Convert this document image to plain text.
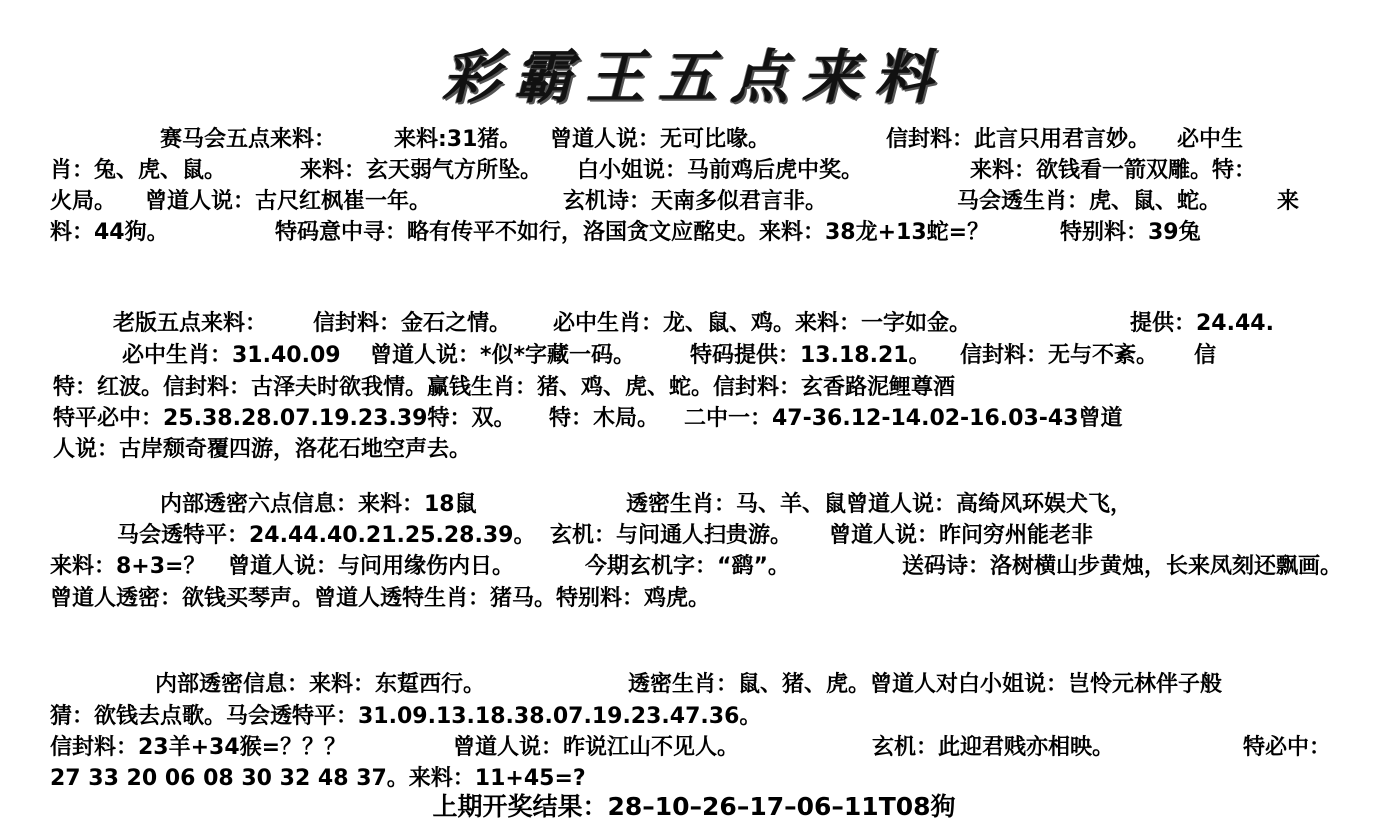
彩霸王五点来料
赛马会五点来料：	来料:31猪。 曾道人说：无可比喙。	信封料：此言只用君言妙。 必中生
肖：兔、虎、鼠。	来料：玄天弱气方所坠。 白小姐说：马前鸡后虎中奖。	来料：欲钱看一箭双雕。特：
火局。 曾道人说：古尺红枫崔一年。	玄机诗：天南多似君言非。	马会透生肖：虎、鼠、蛇。	来
料：44狗。	特码意中寻：略有传平不如行，洛国贪文应酩史。来料：38龙+13蛇=？	特别料：39兔
老版五点来料： 信封料：金石之情。 必中生肖：龙、鼠、鸡。来料：一字如金。	提供：24.44.
必中生肖：31.40.09 曾道人说：*似*字藏一码。 特码提供：13.18.21。 信封料：无与不紊。 信
特：红波。信封料：古泽夫时欲我情。赢钱生肖：猪、鸡、虎、蛇。信封料：玄香路泥鲤尊酒
特平必中：25.38.28.07.19.23.39特：双。 特：木局。 二中一：47-36.12-14.02-16.03-43曾道
人说：古岸颓奇覆四游，洛花石地空声去。
内部透密六点信息：来料：18鼠	透密生肖：马、羊、鼠曾道人说：高绮风环娱犬飞，
马会透特平：24.44.40.21.25.28.39。 玄机：与问通人扫贵游。 曾道人说：昨问穷州能老非
来料：8+3=？ 曾道人说：与问用缘伤内日。	今期玄机字：“鹞”。	送码诗：洛树横山步黄烛，长来凤刻还飘画。
曾道人透密：欲钱买琴声。曾道人透特生肖：猪马。特别料：鸡虎。
内部透密信息：来料：东踅西行。	透密生肖：鼠、猪、虎。曾道人对白小姐说：岂怜元林伴子般
猜：欲钱去点歌。马会透特平：31.09.13.18.38.07.19.23.47.36。
信封料：23羊+34猴=？？？	曾道人说：昨说江山不见人。	玄机：此迎君贱亦相映。	特必中：
27 33 20 06 08 30 32 48 37。来料：11+45=?
上期开奖结果：28–10–26–17–06–11T08狗
